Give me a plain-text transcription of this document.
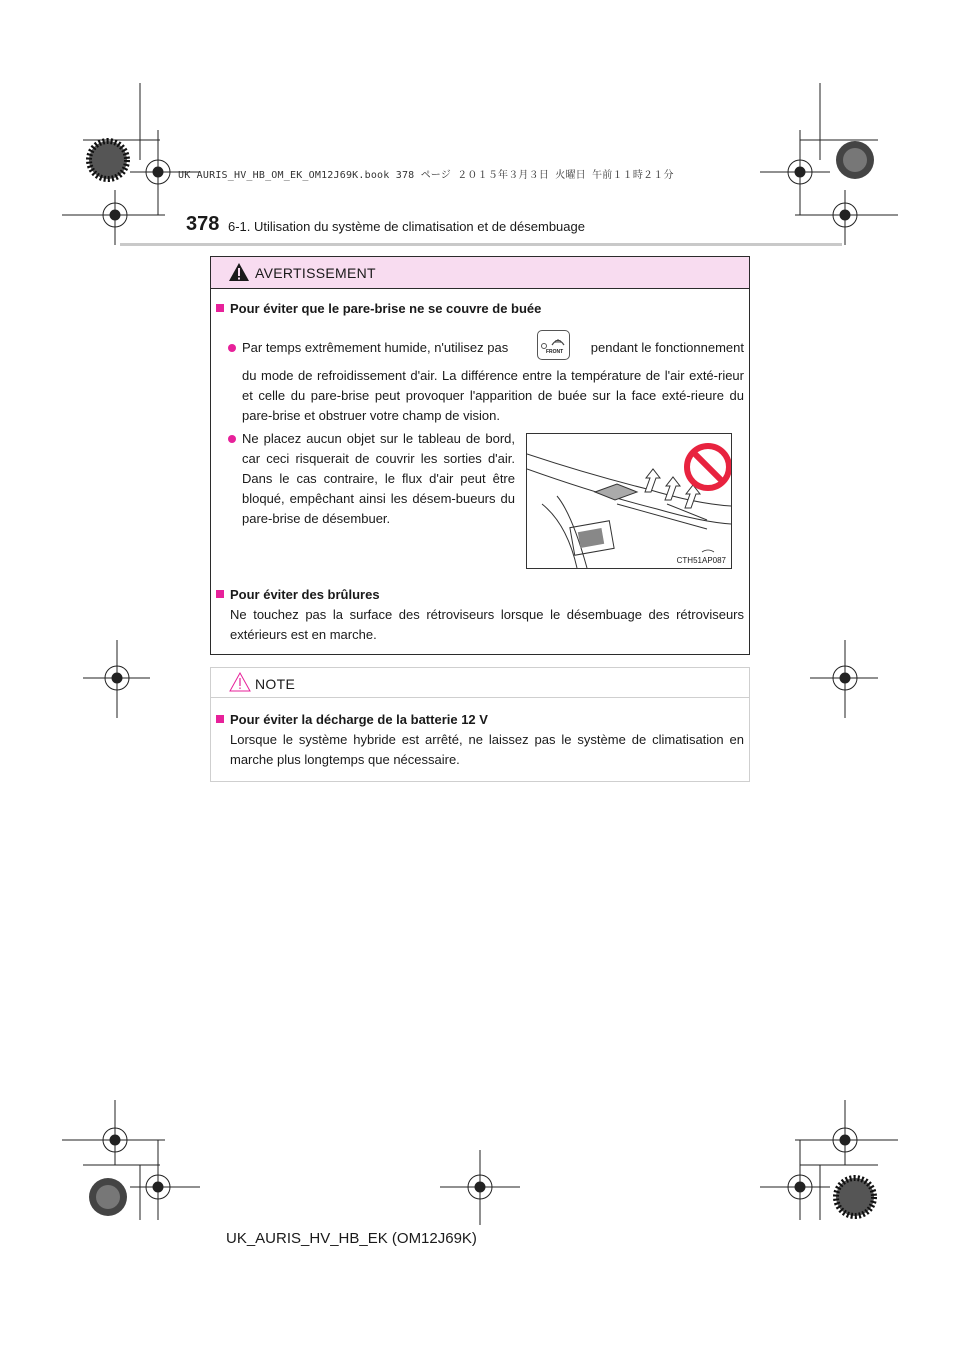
UK AURIS_HV_HB_OM_EK_OM12J69K.book 378 ページ ２０１５年３月３日 火曜日 午前１１時２１分
378 6-1. Utilisation du système de climatisation et de désembuage
AVERTISSEMENT
Pour éviter que le pare-brise ne se couvre de buée
Par temps extrêmement humide, n'utilisez pas	FRONT	pendant le fonctionnement
du mode de refroidissement d'air. La différence entre la température de l'air exté-rieur et celle du pare-brise peut provoquer l'apparition de buée sur la face exté-rieure du pare-brise et obstruer votre champ de vision.
Ne placez aucun objet sur le tableau de bord, car ceci risquerait de couvrir les sorties d'air. Dans le cas contraire, le flux d'air peut être bloqué, empêchant ainsi les désem-bueurs du pare-brise de désembuer.
CTH51AP087
Pour éviter des brûlures
Ne touchez pas la surface des rétroviseurs lorsque le désembuage des rétroviseurs extérieurs est en marche.
NOTE
Pour éviter la décharge de la batterie 12 V
Lorsque le système hybride est arrêté, ne laissez pas le système de climatisation en marche plus longtemps que nécessaire.
UK_AURIS_HV_HB_EK (OM12J69K)
